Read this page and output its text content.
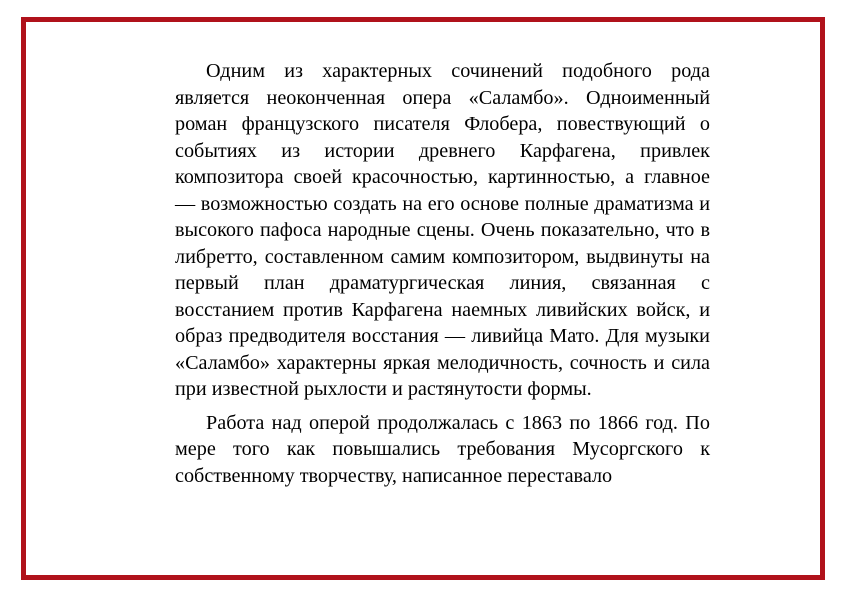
Одним из характерных сочинений подобного рода является неоконченная опера «Саламбо». Одноименный роман французского писателя Флобера, повествующий о событиях из истории древнего Карфагена, привлек композитора своей красочностью, картинностью, а главное — возможностью создать на его основе полные драматизма и высокого пафоса народные сцены. Очень показательно, что в либретто, составленном самим композитором, выдвинуты на первый план драматургическая линия, связанная с восстанием против Карфагена наемных ливийских войск, и образ предводителя восстания — ливийца Мато. Для музыки «Саламбо» характерны яркая мелодичность, сочность и сила при известной рыхлости и растянутости формы.

Работа над оперой продолжалась с 1863 по 1866 год. По мере того как повышались требования Мусоргского к собственному творчеству, написанное переставало
